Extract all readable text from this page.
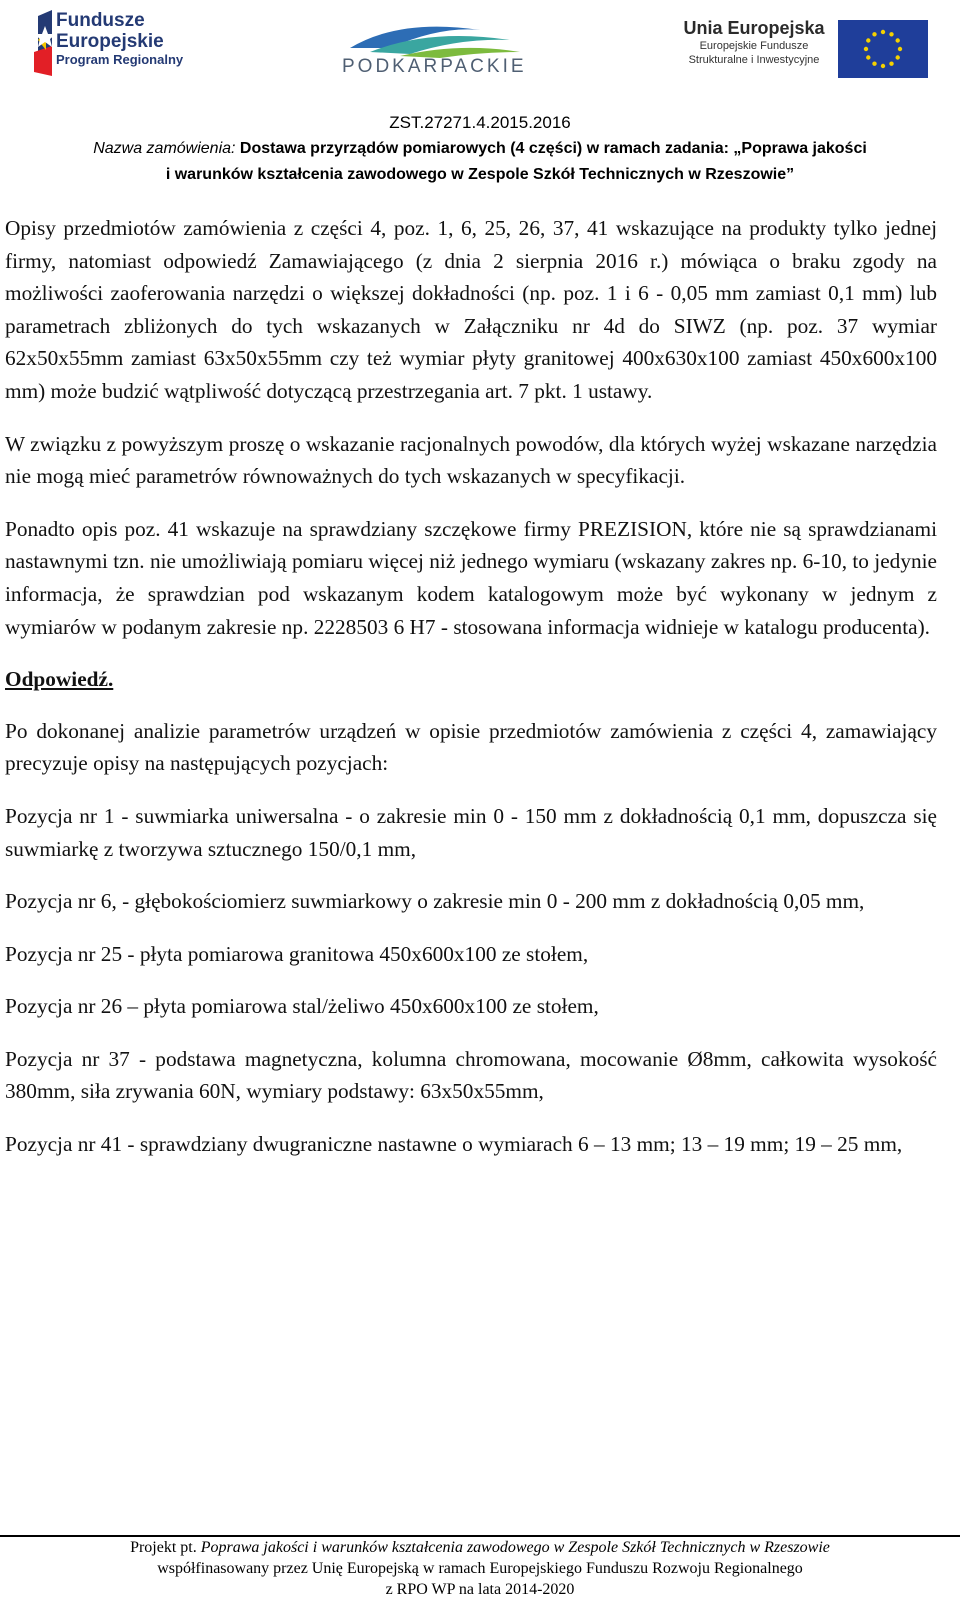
Fundusze
Europejskie
Program Regionalny	PODKARPACKIE
Unia Europejska
Europejskie Fundusze
Strukturalne i Inwestycyjne
ZST.27271.4.2015.2016
Nazwa zamówienia: Dostawa przyrządów pomiarowych (4 części) w ramach zadania: „Poprawa jakości
i warunków kształcenia zawodowego w Zespole Szkół Technicznych w Rzeszowie”

Opisy przedmiotów zamówienia z części 4, poz. 1, 6, 25, 26, 37, 41 wskazujące na produkty tylko jednej firmy, natomiast odpowiedź Zamawiającego (z dnia 2 sierpnia 2016 r.) mówiąca o braku zgody na możliwości zaoferowania narzędzi o większej dokładności (np. poz. 1 i 6 - 0,05 mm zamiast 0,1 mm) lub parametrach zbliżonych do tych wskazanych w Załączniku nr 4d do SIWZ (np. poz. 37 wymiar 62x50x55mm zamiast 63x50x55mm czy też wymiar płyty granitowej 400x630x100 zamiast 450x600x100 mm) może budzić wątpliwość dotyczącą przestrzegania art. 7 pkt. 1 ustawy.

W związku z powyższym proszę o wskazanie racjonalnych powodów, dla których wyżej wskazane narzędzia nie mogą mieć parametrów równoważnych do tych wskazanych w specyfikacji.

Ponadto opis poz. 41 wskazuje na sprawdziany szczękowe firmy PREZISION, które nie są sprawdzianami nastawnymi tzn. nie umożliwiają pomiaru więcej niż jednego wymiaru (wskazany zakres np. 6-10, to jedynie informacja, że sprawdzian pod wskazanym kodem katalogowym może być wykonany w jednym z wymiarów w podanym zakresie np. 2228503 6 H7 - stosowana informacja widnieje w katalogu producenta).

Odpowiedź.

Po dokonanej analizie parametrów urządzeń w opisie przedmiotów zamówienia z części 4, zamawiający precyzuje opisy na następujących pozycjach:

Pozycja nr 1 - suwmiarka uniwersalna - o zakresie min 0 - 150 mm z dokładnością 0,1 mm, dopuszcza się suwmiarkę z tworzywa sztucznego 150/0,1 mm,

Pozycja nr 6, - głębokościomierz suwmiarkowy o zakresie min 0 - 200 mm z dokładnością 0,05 mm,

Pozycja nr 25 - płyta pomiarowa granitowa 450x600x100 ze stołem,

Pozycja nr 26 – płyta pomiarowa stal/żeliwo 450x600x100 ze stołem,

Pozycja nr 37 - podstawa magnetyczna, kolumna chromowana, mocowanie Ø8mm, całkowita wysokość 380mm, siła zrywania 60N, wymiary podstawy: 63x50x55mm,

Pozycja nr 41 - sprawdziany dwugraniczne nastawne o wymiarach 6 – 13 mm; 13 – 19 mm; 19 – 25 mm,

Projekt pt. Poprawa jakości i warunków kształcenia zawodowego w Zespole Szkół Technicznych w Rzeszowie
współfinasowany przez Unię Europejską w ramach Europejskiego Funduszu Rozwoju Regionalnego
z RPO WP na lata 2014-2020
